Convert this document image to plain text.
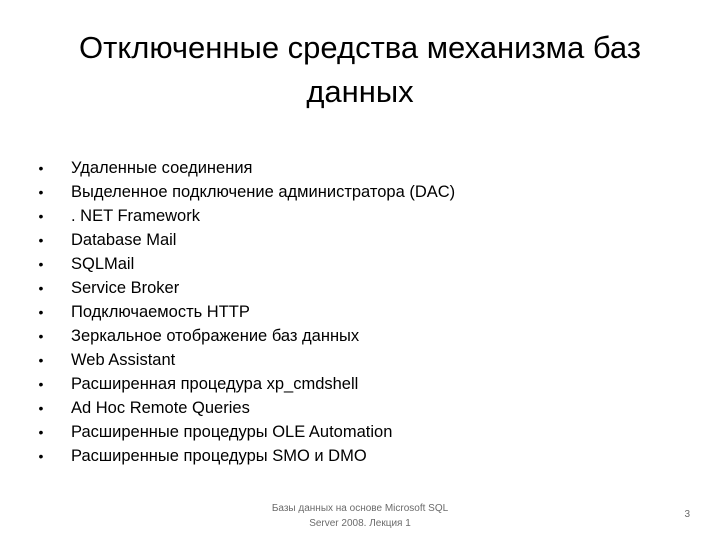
Отключенные средства механизма баз
данных
• Удаленные соединения
• Выделенное подключение администратора (DAC)
• . NET Framework
• Database Mail
• SQLMail
• Service Broker
• Подключаемость HTTP
• Зеркальное отображение баз данных
• Web Assistant
• Расширенная процедура xp_cmdshell
• Ad Hoc Remote Queries
• Расширенные процедуры OLE Automation
• Расширенные процедуры SMO и DMO
Базы данных на основе Microsoft SQL
Server 2008. Лекция 1
3
